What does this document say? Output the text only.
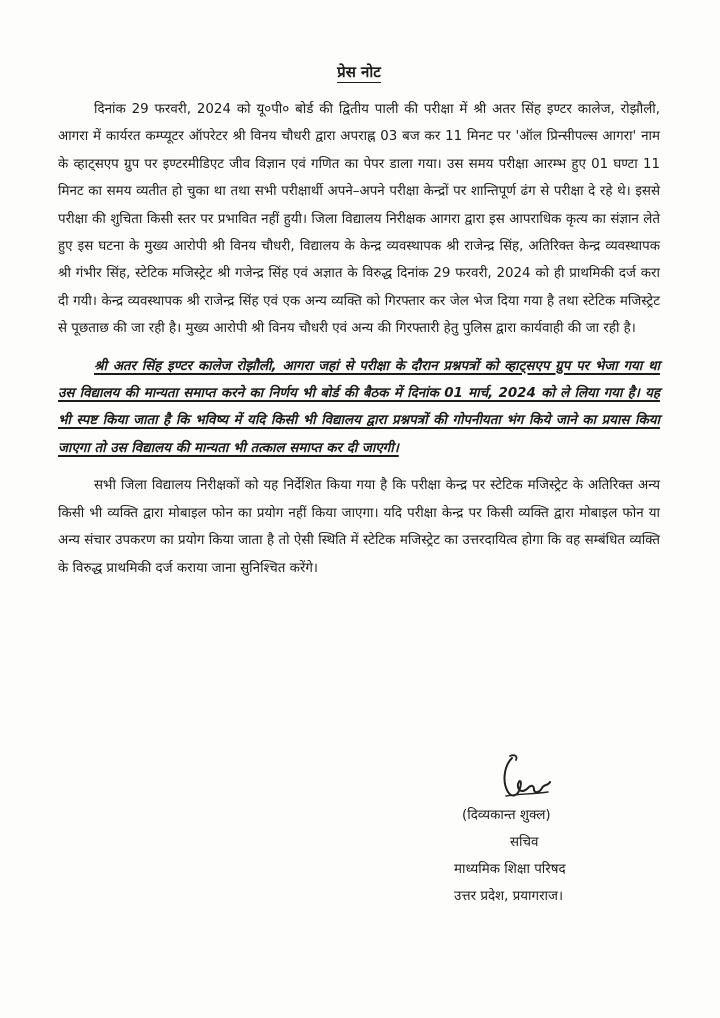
प्रेस नोट

दिनांक 29 फरवरी, 2024 को यू०पी० बोर्ड की द्वितीय पाली की परीक्षा में श्री अतर सिंह इण्टर कालेज, रोझौली, आगरा में कार्यरत कम्प्यूटर ऑपरेटर श्री विनय चौधरी द्वारा अपराह्न 03 बज कर 11 मिनट पर 'ऑल प्रिन्सीपल्स आगरा' नाम के व्हाट्सएप ग्रुप पर इण्टरमीडिएट जीव विज्ञान एवं गणित का पेपर डाला गया। उस समय परीक्षा आरम्भ हुए 01 घण्टा 11 मिनट का समय व्यतीत हो चुका था तथा सभी परीक्षार्थी अपने–अपने परीक्षा केन्द्रों पर शान्तिपूर्ण ढंग से परीक्षा दे रहे थे। इससे परीक्षा की शुचिता किसी स्तर पर प्रभावित नहीं हुयी। जिला विद्यालय निरीक्षक आगरा द्वारा इस आपराधिक कृत्य का संज्ञान लेते हुए इस घटना के मुख्य आरोपी श्री विनय चौधरी, विद्यालय के केन्द्र व्यवस्थापक श्री राजेन्द्र सिंह, अतिरिक्त केन्द्र व्यवस्थापक श्री गंभीर सिंह, स्टेटिक मजिस्ट्रेट श्री गजेन्द्र सिंह एवं अज्ञात के विरुद्ध दिनांक 29 फरवरी, 2024 को ही प्राथमिकी दर्ज करा दी गयी। केन्द्र व्यवस्थापक श्री राजेन्द्र सिंह एवं एक अन्य व्यक्ति को गिरफ्तार कर जेल भेज दिया गया है तथा स्टेटिक मजिस्ट्रेट से पूछताछ की जा रही है। मुख्य आरोपी श्री विनय चौधरी एवं अन्य की गिरफ्तारी हेतु पुलिस द्वारा कार्यवाही की जा रही है।

श्री अतर सिंह इण्टर कालेज रोझौली, आगरा जहां से परीक्षा के दौरान प्रश्नपत्रों को व्हाट्सएप ग्रुप पर भेजा गया था उस विद्यालय की मान्यता समाप्त करने का निर्णय भी बोर्ड की बैठक में दिनांक 01 मार्च, 2024 को ले लिया गया है। यह भी स्पष्ट किया जाता है कि भविष्य में यदि किसी भी विद्यालय द्वारा प्रश्नपत्रों की गोपनीयता भंग किये जाने का प्रयास किया जाएगा तो उस विद्यालय की मान्यता भी तत्काल समाप्त कर दी जाएगी।

सभी जिला विद्यालय निरीक्षकों को यह निर्देशित किया गया है कि परीक्षा केन्द्र पर स्टेटिक मजिस्ट्रेट के अतिरिक्त अन्य किसी भी व्यक्ति द्वारा मोबाइल फोन का प्रयोग नहीं किया जाएगा। यदि परीक्षा केन्द्र पर किसी व्यक्ति द्वारा मोबाइल फोन या अन्य संचार उपकरण का प्रयोग किया जाता है तो ऐसी स्थिति में स्टेटिक मजिस्ट्रेट का उत्तरदायित्व होगा कि वह सम्बंधित व्यक्ति के विरुद्ध प्राथमिकी दर्ज कराया जाना सुनिश्चित करेंगे।

(दिव्यकान्त शुक्ल)
सचिव
माध्यमिक शिक्षा परिषद
उत्तर प्रदेश, प्रयागराज।
